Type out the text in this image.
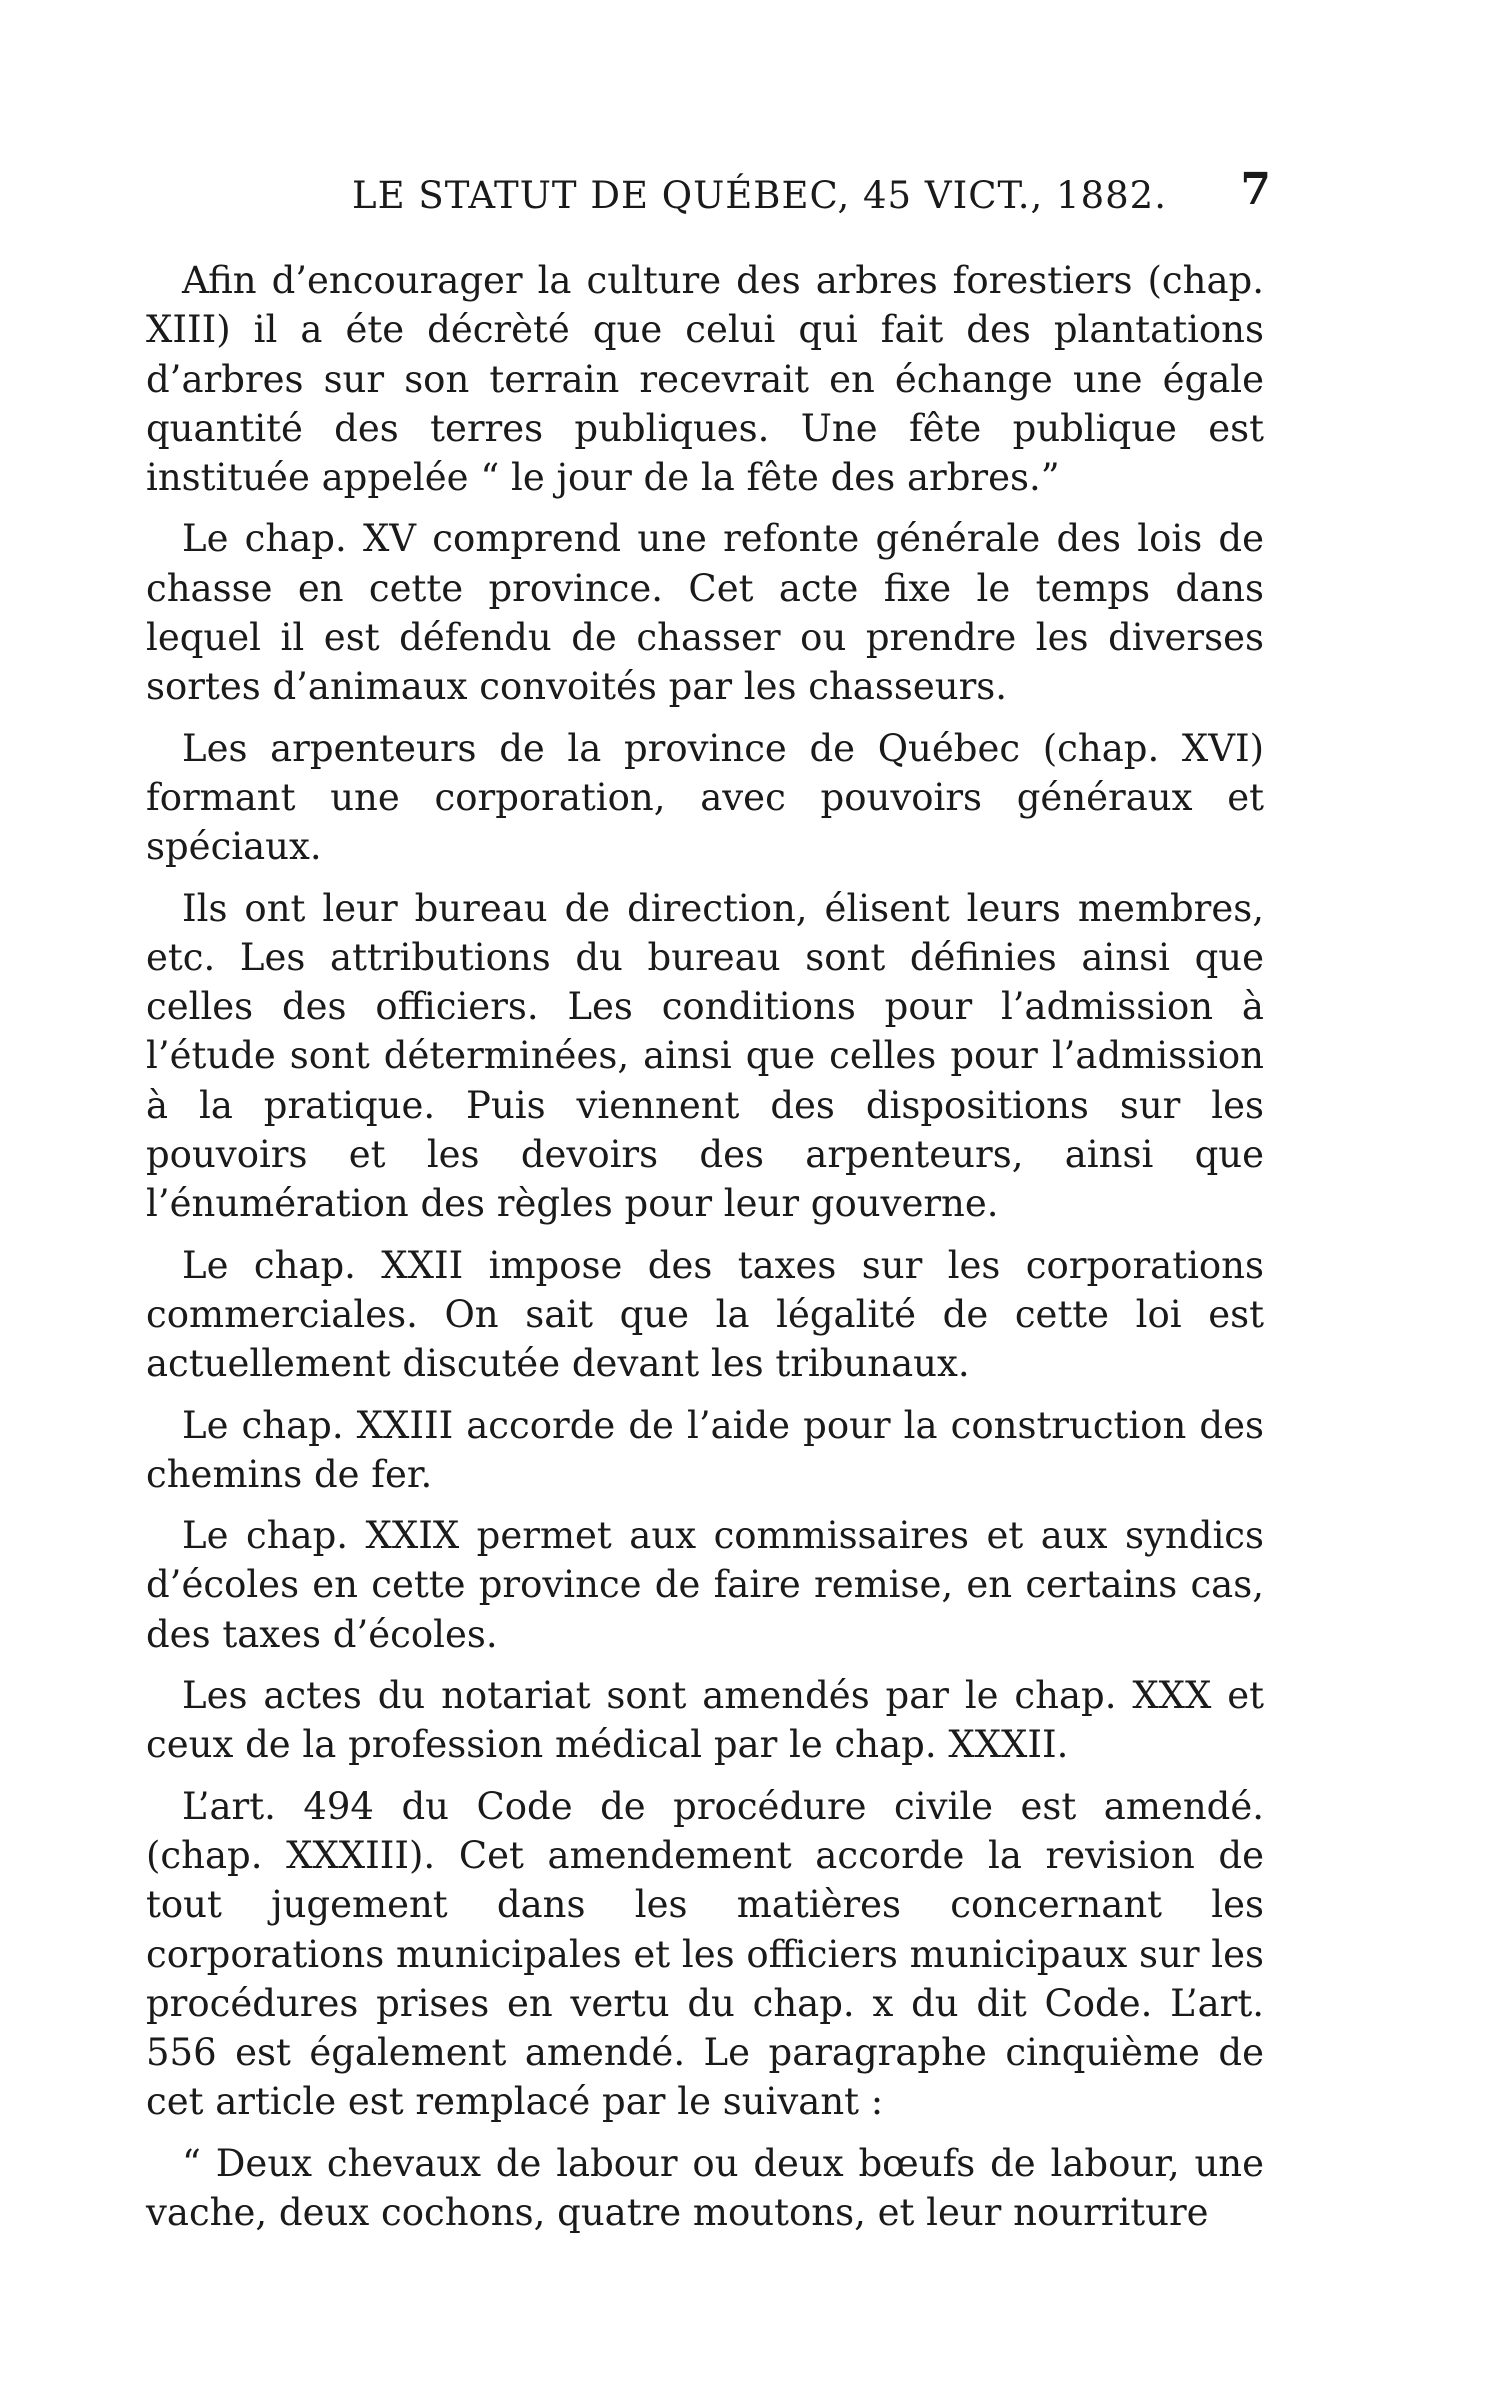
LE STATUT DE QUÉBEC, 45 VICT., 1882. 7

Afin d’encourager la culture des arbres forestiers (chap. XIII) il a éte décrèté que celui qui fait des plantations d’arbres sur son terrain recevrait en échange une égale quantité des terres publiques. Une fête publique est instituée appelée “ le jour de la fête des arbres.”

Le chap. XV comprend une refonte générale des lois de chasse en cette province. Cet acte fixe le temps dans lequel il est défendu de chasser ou prendre les diverses sortes d’animaux convoités par les chasseurs.

Les arpenteurs de la province de Québec (chap. XVI) formant une corporation, avec pouvoirs généraux et spéciaux.

Ils ont leur bureau de direction, élisent leurs membres, etc. Les attributions du bureau sont définies ainsi que celles des officiers. Les conditions pour l’admission à l’étude sont déterminées, ainsi que celles pour l’admission à la pratique. Puis viennent des dispositions sur les pouvoirs et les devoirs des arpenteurs, ainsi que l’énumération des règles pour leur gouverne.

Le chap. XXII impose des taxes sur les corporations commerciales. On sait que la légalité de cette loi est actuellement discutée devant les tribunaux.

Le chap. XXIII accorde de l’aide pour la construction des chemins de fer.

Le chap. XXIX permet aux commissaires et aux syndics d’écoles en cette province de faire remise, en certains cas, des taxes d’écoles.

Les actes du notariat sont amendés par le chap. XXX et ceux de la profession médical par le chap. XXXII.

L’art. 494 du Code de procédure civile est amendé. (chap. XXXIII). Cet amendement accorde la revision de tout jugement dans les matières concernant les corporations municipales et les officiers municipaux sur les procédures prises en vertu du chap. x du dit Code. L’art. 556 est également amendé. Le paragraphe cinquième de cet article est remplacé par le suivant :

“ Deux chevaux de labour ou deux bœufs de labour, une vache, deux cochons, quatre moutons, et leur nourriture
